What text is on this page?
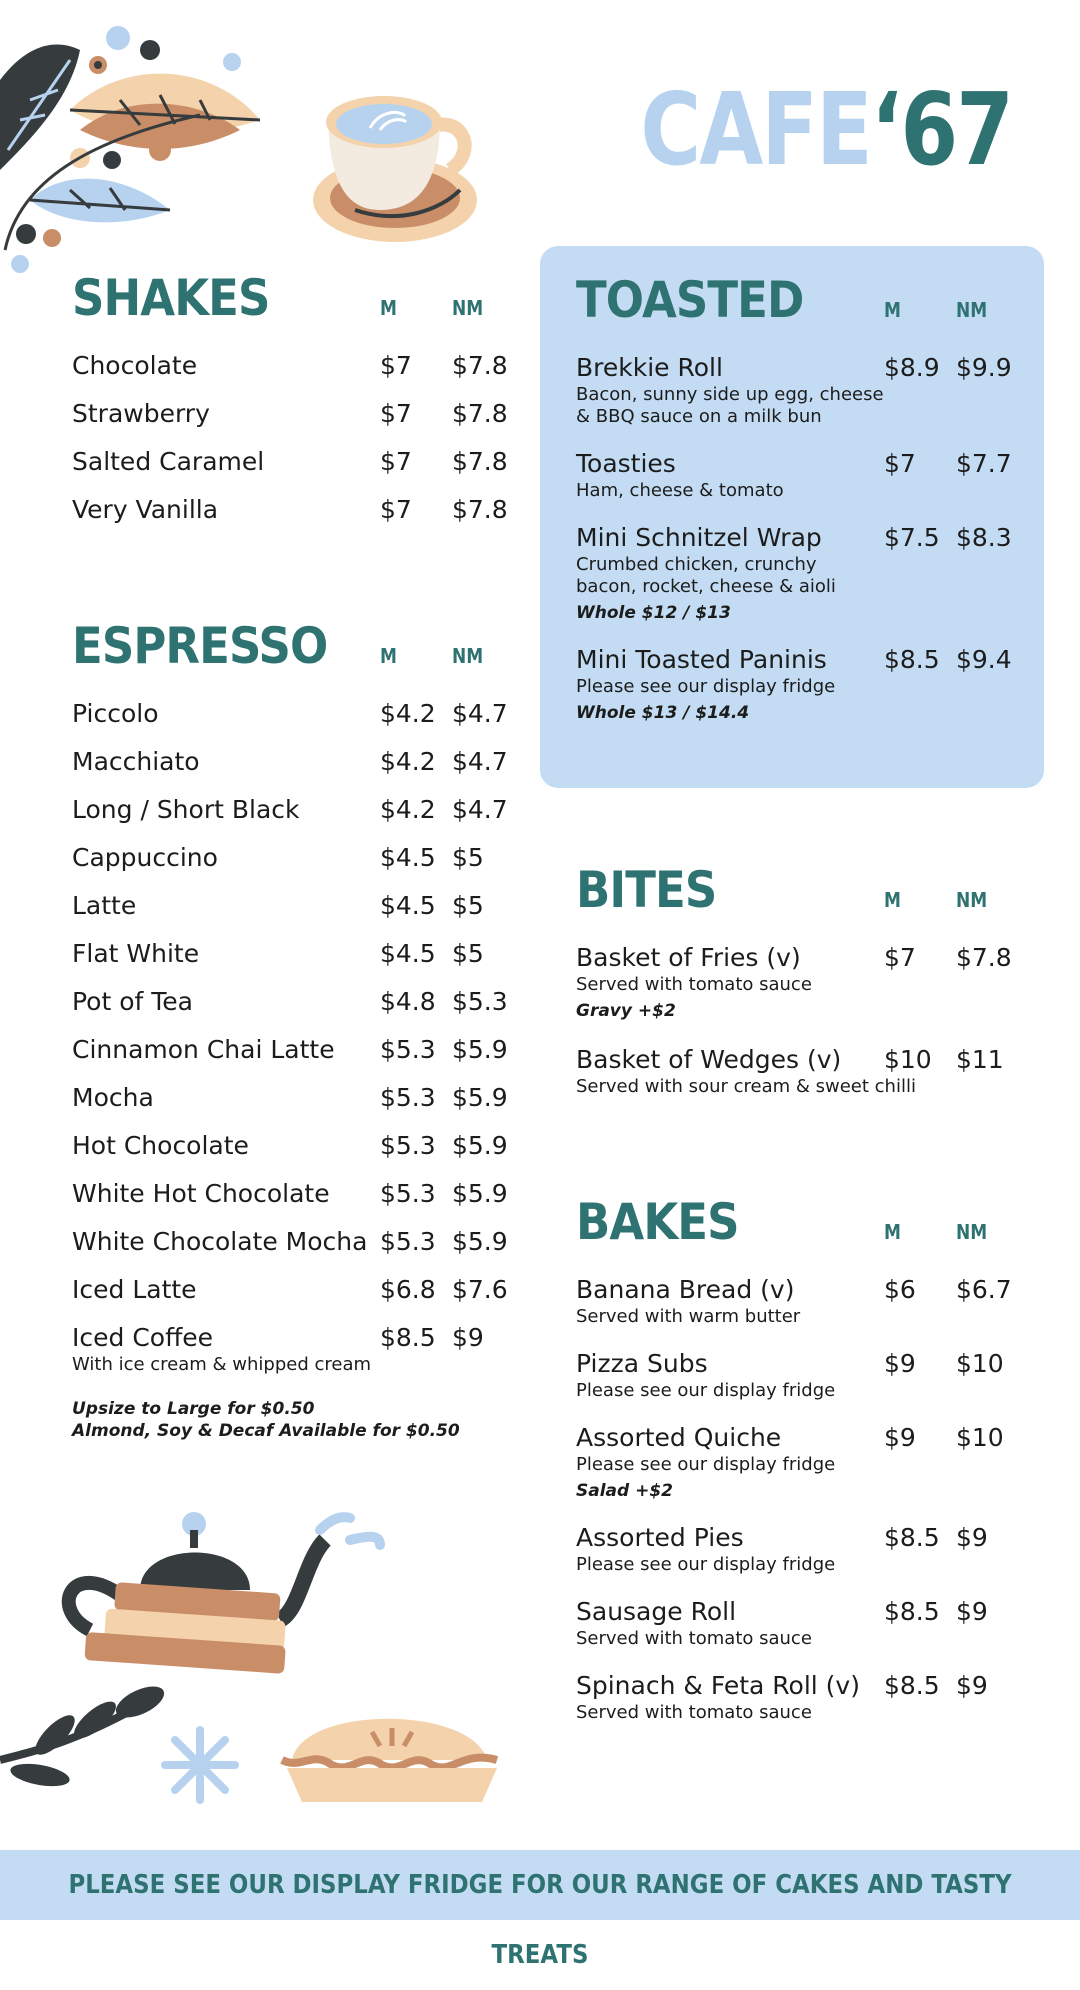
CAFE‘67
SHAKES	M	NM
Chocolate	$7 $7.8
Strawberry	$7 $7.8
Salted Caramel	$7 $7.8
Very Vanilla	$7 $7.8
ESPRESSO	M	NM
Piccolo	$4.2 $4.7
Macchiato	$4.2 $4.7
Long / Short Black	$4.2 $4.7
Cappuccino	$4.5 $5
Latte	$4.5 $5
Flat White	$4.5 $5
Pot of Tea	$4.8 $5.3
Cinnamon Chai Latte	$5.3 $5.9
Mocha	$5.3 $5.9
Hot Chocolate	$5.3 $5.9
White Hot Chocolate	$5.3 $5.9
White Chocolate Mocha $5.3 $5.9
Iced Latte	$6.8 $7.6
Iced Coffee	$8.5 $9
With ice cream & whipped cream
Upsize to Large for $0.50
Almond, Soy & Decaf Available for $0.50
TOASTED	M	NM
Brekkie Roll	$8.9 $9.9
Bacon, sunny side up egg, cheese
& BBQ sauce on a milk bun
Toasties	$7 $7.7
Ham, cheese & tomato
Mini Schnitzel Wrap	$7.5 $8.3
Crumbed chicken, crunchy
bacon, rocket, cheese & aioli
Whole $12 / $13
Mini Toasted Paninis	$8.5 $9.4
Please see our display fridge
Whole $13 / $14.4
BITES	M	NM
Basket of Fries (v)	$7 $7.8
Served with tomato sauce
Gravy +$2
Basket of Wedges (v)	$10 $11
Served with sour cream & sweet chilli
BAKES	M	NM
Banana Bread (v)	$6 $6.7
Served with warm butter
Pizza Subs	$9 $10
Please see our display fridge
Assorted Quiche	$9 $10
Please see our display fridge
Salad +$2
Assorted Pies	$8.5 $9
Please see our display fridge
Sausage Roll	$8.5 $9
Served with tomato sauce
Spinach & Feta Roll (v) $8.5 $9
Served with tomato sauce
PLEASE SEE OUR DISPLAY FRIDGE FOR OUR RANGE OF CAKES AND TASTY TREATS
